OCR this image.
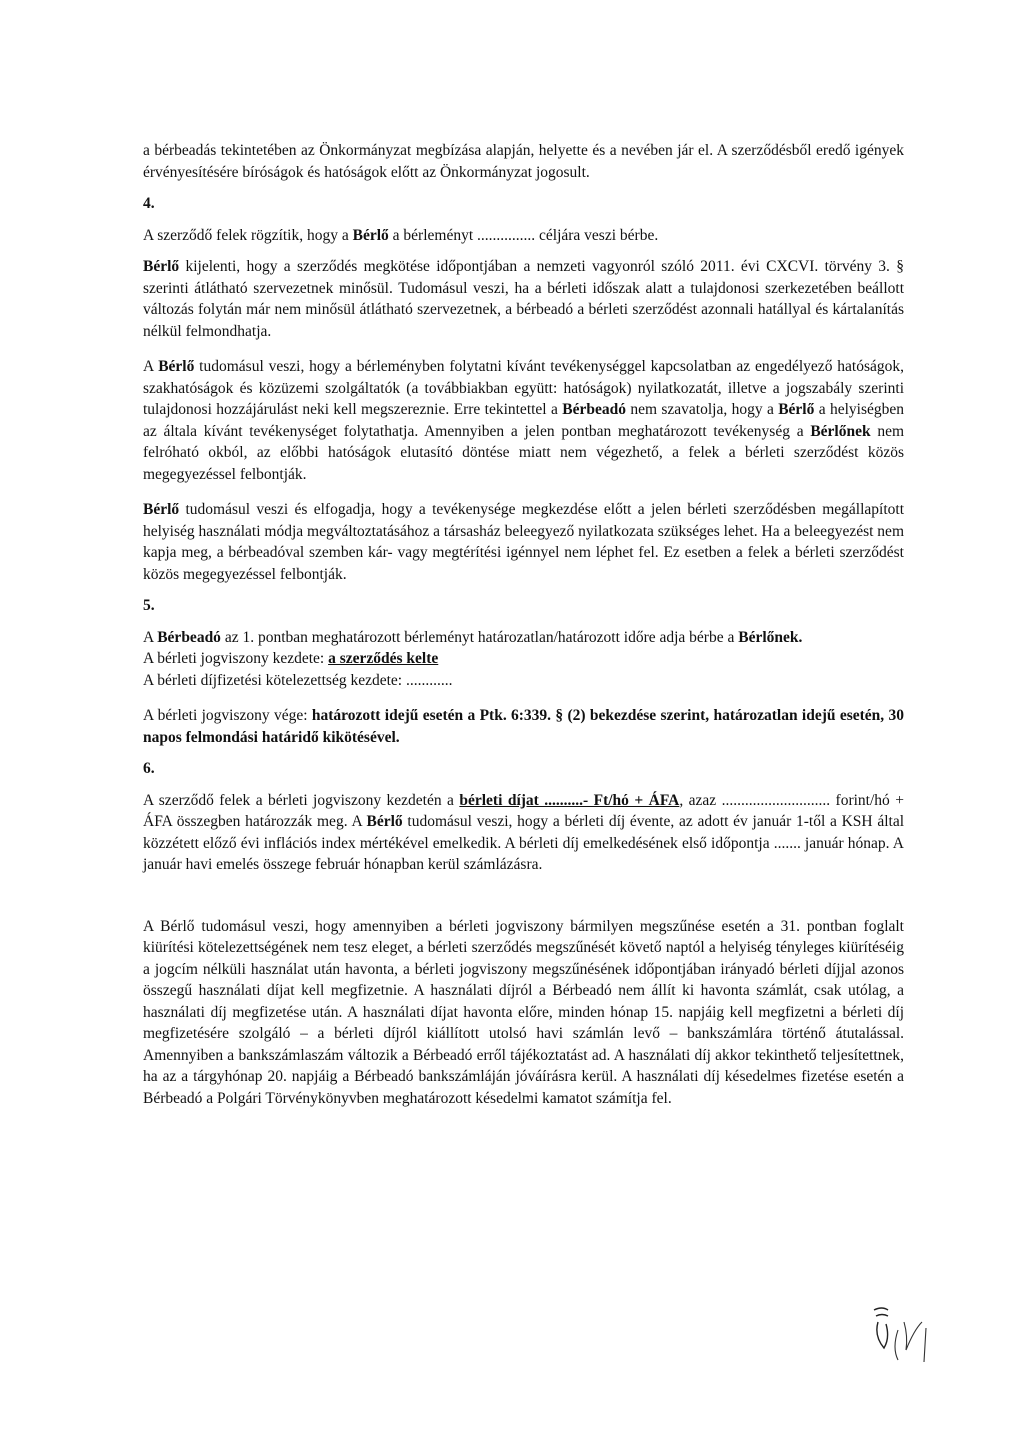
a bérbeadás tekintetében az Önkormányzat megbízása alapján, helyette és a nevében jár el. A szerződésből eredő igények érvényesítésére bíróságok és hatóságok előtt az Önkormányzat jogosult.

4.

A szerződő felek rögzítik, hogy a Bérlő a bérleményt ............... céljára veszi bérbe.

Bérlő kijelenti, hogy a szerződés megkötése időpontjában a nemzeti vagyonról szóló 2011. évi CXCVI. törvény 3. § szerinti átlátható szervezetnek minősül. Tudomásul veszi, ha a bérleti időszak alatt a tulajdonosi szerkezetében beállott változás folytán már nem minősül átlátható szervezetnek, a bérbeadó a bérleti szerződést azonnali hatállyal és kártalanítás nélkül felmondhatja.

A Bérlő tudomásul veszi, hogy a bérleményben folytatni kívánt tevékenységgel kapcsolatban az engedélyező hatóságok, szakhatóságok és közüzemi szolgáltatók (a továbbiakban együtt: hatóságok) nyilatkozatát, illetve a jogszabály szerinti tulajdonosi hozzájárulást neki kell megszereznie. Erre tekintettel a Bérbeadó nem szavatolja, hogy a Bérlő a helyiségben az általa kívánt tevékenységet folytathatja. Amennyiben a jelen pontban meghatározott tevékenység a Bérlőnek nem felróható okból, az előbbi hatóságok elutasító döntése miatt nem végezhető, a felek a bérleti szerződést közös megegyezéssel felbontják.

Bérlő tudomásul veszi és elfogadja, hogy a tevékenysége megkezdése előtt a jelen bérleti szerződésben megállapított helyiség használati módja megváltoztatásához a társasház beleegyező nyilatkozata szükséges lehet. Ha a beleegyezést nem kapja meg, a bérbeadóval szemben kár- vagy megtérítési igénnyel nem léphet fel. Ez esetben a felek a bérleti szerződést közös megegyezéssel felbontják.

5.

A Bérbeadó az 1. pontban meghatározott bérleményt határozatlan/határozott időre adja bérbe a Bérlőnek.

A bérleti jogviszony kezdete: a szerződés kelte

A bérleti díjfizetési kötelezettség kezdete: ............

A bérleti jogviszony vége: határozott idejű esetén a Ptk. 6:339. § (2) bekezdése szerint, határozatlan idejű esetén, 30 napos felmondási határidő kikötésével.

6.

A szerződő felek a bérleti jogviszony kezdetén a bérleti díjat ..........- Ft/hó + ÁFA, azaz ............................ forint/hó + ÁFA összegben határozzák meg. A Bérlő tudomásul veszi, hogy a bérleti díj évente, az adott év január 1-től a KSH által közzétett előző évi inflációs index mértékével emelkedik. A bérleti díj emelkedésének első időpontja ....... január hónap. A január havi emelés összege február hónapban kerül számlázásra.

A Bérlő tudomásul veszi, hogy amennyiben a bérleti jogviszony bármilyen megszűnése esetén a 31. pontban foglalt kiürítési kötelezettségének nem tesz eleget, a bérleti szerződés megszűnését követő naptól a helyiség tényleges kiürítéséig a jogcím nélküli használat után havonta, a bérleti jogviszony megszűnésének időpontjában irányadó bérleti díjjal azonos összegű használati díjat kell megfizetnie. A használati díjról a Bérbeadó nem állít ki havonta számlát, csak utólag, a használati díj megfizetése után. A használati díjat havonta előre, minden hónap 15. napjáig kell megfizetni a bérleti díj megfizetésére szolgáló – a bérleti díjról kiállított utolsó havi számlán levő – bankszámlára történő átutalással. Amennyiben a bankszámlaszám változik a Bérbeadó erről tájékoztatást ad. A használati díj akkor tekinthető teljesítettnek, ha az a tárgyhónap 20. napjáig a Bérbeadó bankszámláján jóváírásra kerül. A használati díj késedelmes fizetése esetén a Bérbeadó a Polgári Törvénykönyvben meghatározott késedelmi kamatot számítja fel.
